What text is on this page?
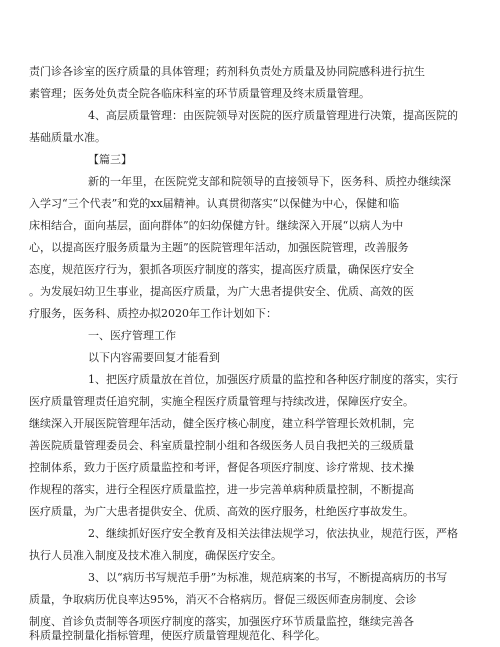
责门诊各诊室的医疗质量的具体管理；药剂科负责处方质量及协同院感科进行抗生
素管理；医务处负责全院各临床科室的环节质量管理及终末质量管理。
4、高层质量管理：由医院领导对医院的医疗质量管理进行决策，提高医院的
基础质量水准。
【篇三】
新的一年里，在医院党支部和院领导的直接领导下，医务科、质控办继续深
入学习“三个代表”和党的xx届精神。认真贯彻落实“以保健为中心，保健和临
床相结合，面向基层，面向群体”的妇幼保健方针。继续深入开展“以病人为中
心，以提高医疗服务质量为主题”的医院管理年活动，加强医院管理，改善服务
态度，规范医疗行为，狠抓各项医疗制度的落实，提高医疗质量，确保医疗安全
。为发展妇幼卫生事业，提高医疗质量，为广大患者提供安全、优质、高效的医
疗服务，医务科、质控办拟2020年工作计划如下：
一、医疗管理工作
以下内容需要回复才能看到
1、把医疗质量放在首位，加强医疗质量的监控和各种医疗制度的落实，实行
医疗质量管理责任追究制，实施全程医疗质量管理与持续改进，保障医疗安全。
继续深入开展医院管理年活动，健全医疗核心制度，建立科学管理长效机制，完
善医院质量管理委员会、科室质量控制小组和各级医务人员自我把关的三级质量
控制体系，致力于医疗质量监控和考评，督促各项医疗制度、诊疗常规、技术操
作规程的落实，进行全程医疗质量监控，进一步完善单病种质量控制，不断提高
医疗质量，为广大患者提供安全、优质、高效的医疗服务，杜绝医疗事故发生。
2、继续抓好医疗安全教育及相关法律法规学习，依法执业，规范行医，严格
执行人员准入制度及技术准入制度，确保医疗安全。
3、以“病历书写规范手册”为标准，规范病案的书写，不断提高病历的书写
质量，争取病历优良率达95%，消灭不合格病历。督促三级医师查房制度、会诊
制度、首诊负责制等各项医疗制度的落实，加强医疗环节质量监控，继续完善各
科质量控制量化指标管理，使医疗质量管理规范化、科学化。
